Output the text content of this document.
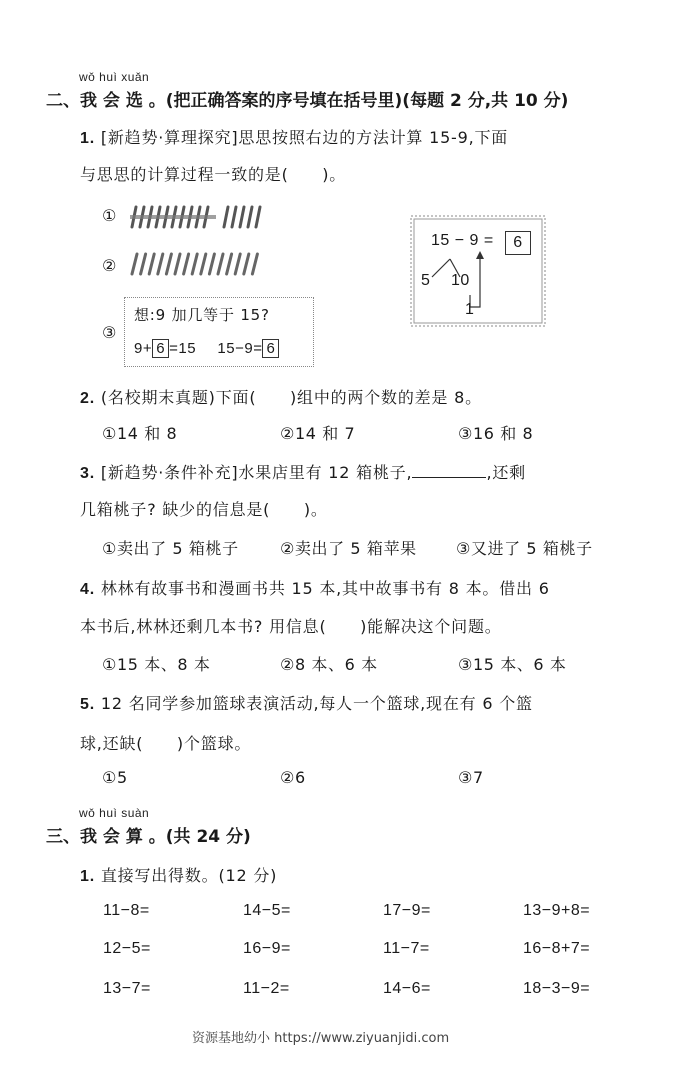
wǒ huì xuǎn
二、我 会 选 。(把正确答案的序号填在括号里)(每题 2 分,共 10 分)
1. [新趋势·算理探究]思思按照右边的方法计算 15-9,下面
与思思的计算过程一致的是(　　)。
①
②
③
想:9 加几等于 15?
9+ 6 =15 15−9= 6
15 − 9 =	6
5 10
1
2. (名校期末真题)下面(　　)组中的两个数的差是 8。
①14 和 8	②14 和 7	③16 和 8
3. [新趋势·条件补充]水果店里有 12 箱桃子,	,还剩
几箱桃子? 缺少的信息是(　　)。
①卖出了 5 箱桃子	②卖出了 5 箱苹果 ③又进了 5 箱桃子
4. 林林有故事书和漫画书共 15 本,其中故事书有 8 本。借出 6
本书后,林林还剩几本书? 用信息(　　)能解决这个问题。
①15 本、8 本	②8 本、6 本	③15 本、6 本
5. 12 名同学参加篮球表演活动,每人一个篮球,现在有 6 个篮
球,还缺(　　)个篮球。
①5	②6	③7
wǒ huì suàn
三、我 会 算 。(共 24 分)
1. 直接写出得数。(12 分)
11−8=	14−5=	17−9=	13−9+8=
12−5=	16−9=	11−7=	16−8+7=
13−7=	11−2=	14−6=	18−3−9=
资源基地幼小 https://www.ziyuanjidi.com
